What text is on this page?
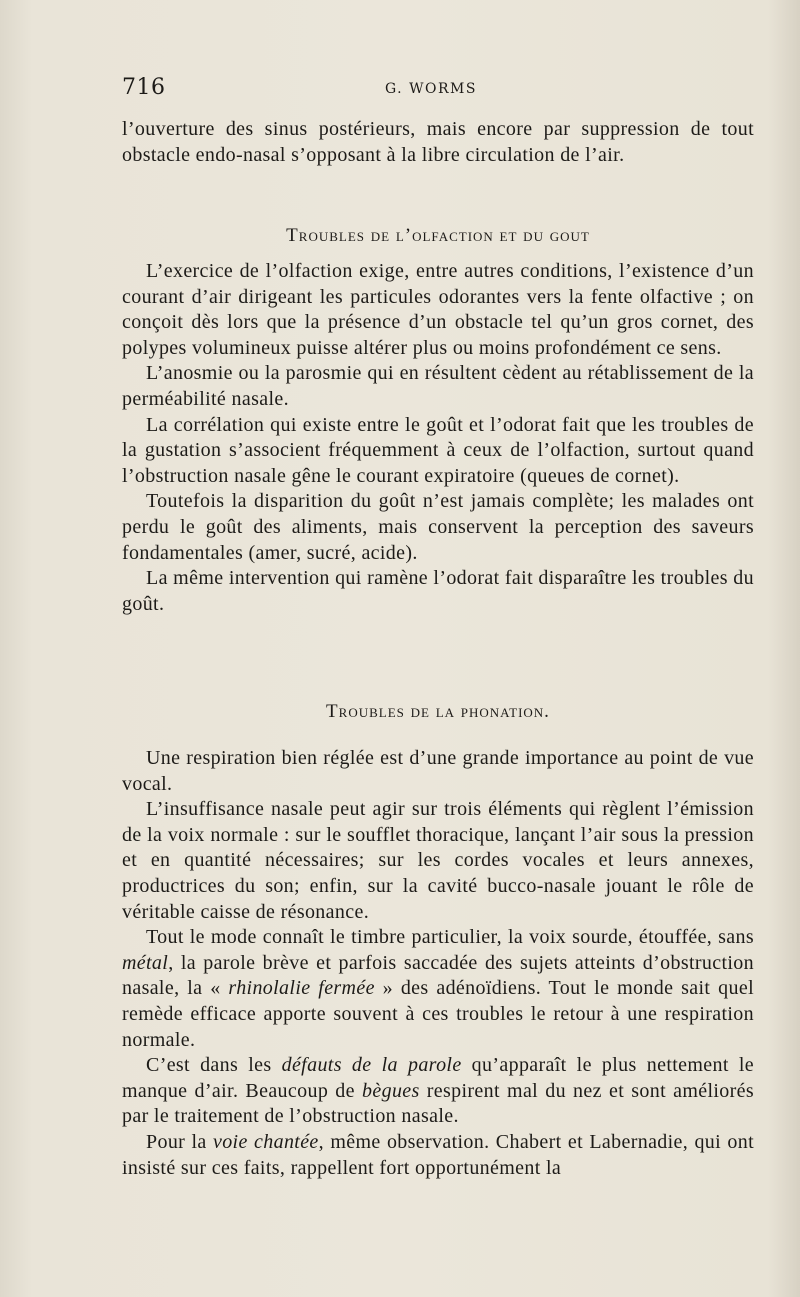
716	G. WORMS

l’ouverture des sinus postérieurs, mais encore par suppression de tout obstacle endo-nasal s’opposant à la libre circulation de l’air.

Troubles de l’olfaction et du gout

L’exercice de l’olfaction exige, entre autres conditions, l’existence d’un courant d’air dirigeant les particules odorantes vers la fente olfactive ; on conçoit dès lors que la présence d’un obstacle tel qu’un gros cornet, des polypes volumineux puisse altérer plus ou moins profondément ce sens.

L’anosmie ou la parosmie qui en résultent cèdent au rétablissement de la perméabilité nasale.

La corrélation qui existe entre le goût et l’odorat fait que les troubles de la gustation s’associent fréquemment à ceux de l’olfaction, surtout quand l’obstruction nasale gêne le courant expiratoire (queues de cornet).

Toutefois la disparition du goût n’est jamais complète; les malades ont perdu le goût des aliments, mais conservent la perception des saveurs fondamentales (amer, sucré, acide).

La même intervention qui ramène l’odorat fait disparaître les troubles du goût.

Troubles de la phonation.

Une respiration bien réglée est d’une grande importance au point de vue vocal.

L’insuffisance nasale peut agir sur trois éléments qui règlent l’émission de la voix normale : sur le soufflet thoracique, lançant l’air sous la pression et en quantité nécessaires; sur les cordes vocales et leurs annexes, productrices du son; enfin, sur la cavité bucco-nasale jouant le rôle de véritable caisse de résonance.

Tout le mode connaît le timbre particulier, la voix sourde, étouffée, sans métal, la parole brève et parfois saccadée des sujets atteints d’obstruction nasale, la « rhinolalie fermée » des adénoïdiens. Tout le monde sait quel remède efficace apporte souvent à ces troubles le retour à une respiration normale.

C’est dans les défauts de la parole qu’apparaît le plus nettement le manque d’air. Beaucoup de bègues respirent mal du nez et sont améliorés par le traitement de l’obstruction nasale.

Pour la voie chantée, même observation. Chabert et Labernadie, qui ont insisté sur ces faits, rappellent fort opportunément la
